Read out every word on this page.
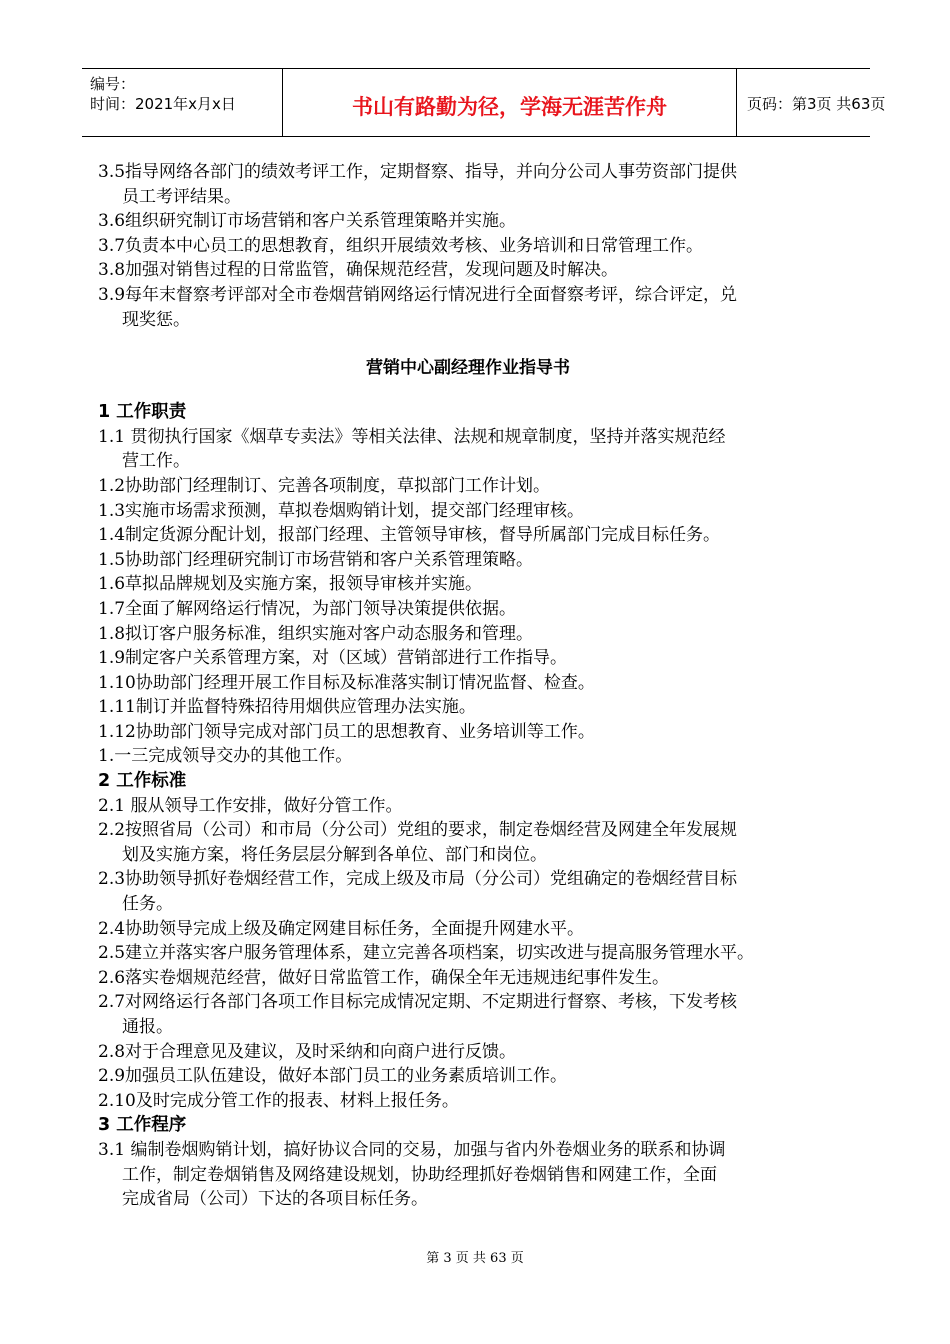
编号：
时间：2021年x月x日	书山有路勤为径，学海无涯苦作舟	页码：第3页 共63页
3.5指导网络各部门的绩效考评工作，定期督察、指导，并向分公司人事劳资部门提供
员工考评结果。
3.6组织研究制订市场营销和客户关系管理策略并实施。
3.7负责本中心员工的思想教育，组织开展绩效考核、业务培训和日常管理工作。
3.8加强对销售过程的日常监管，确保规范经营，发现问题及时解决。
3.9每年末督察考评部对全市卷烟营销网络运行情况进行全面督察考评，综合评定，兑
现奖惩。
营销中心副经理作业指导书
1 工作职责
1.1 贯彻执行国家《烟草专卖法》等相关法律、法规和规章制度，坚持并落实规范经
营工作。
1.2协助部门经理制订、完善各项制度，草拟部门工作计划。
1.3实施市场需求预测，草拟卷烟购销计划，提交部门经理审核。
1.4制定货源分配计划，报部门经理、主管领导审核，督导所属部门完成目标任务。
1.5协助部门经理研究制订市场营销和客户关系管理策略。
1.6草拟品牌规划及实施方案，报领导审核并实施。
1.7全面了解网络运行情况，为部门领导决策提供依据。
1.8拟订客户服务标准，组织实施对客户动态服务和管理。
1.9制定客户关系管理方案，对（区域）营销部进行工作指导。
1.10协助部门经理开展工作目标及标准落实制订情况监督、检查。
1.11制订并监督特殊招待用烟供应管理办法实施。
1.12协助部门领导完成对部门员工的思想教育、业务培训等工作。
1.一三完成领导交办的其他工作。
2 工作标准
2.1 服从领导工作安排，做好分管工作。
2.2按照省局（公司）和市局（分公司）党组的要求，制定卷烟经营及网建全年发展规
划及实施方案，将任务层层分解到各单位、部门和岗位。
2.3协助领导抓好卷烟经营工作，完成上级及市局（分公司）党组确定的卷烟经营目标
任务。
2.4协助领导完成上级及确定网建目标任务，全面提升网建水平。
2.5建立并落实客户服务管理体系，建立完善各项档案，切实改进与提高服务管理水平。
2.6落实卷烟规范经营，做好日常监管工作，确保全年无违规违纪事件发生。
2.7对网络运行各部门各项工作目标完成情况定期、不定期进行督察、考核，下发考核
通报。
2.8对于合理意见及建议，及时采纳和向商户进行反馈。
2.9加强员工队伍建设，做好本部门员工的业务素质培训工作。
2.10及时完成分管工作的报表、材料上报任务。
3 工作程序
3.1 编制卷烟购销计划，搞好协议合同的交易，加强与省内外卷烟业务的联系和协调
工作，制定卷烟销售及网络建设规划，协助经理抓好卷烟销售和网建工作，全面
完成省局（公司）下达的各项目标任务。
第 3 页 共 63 页
